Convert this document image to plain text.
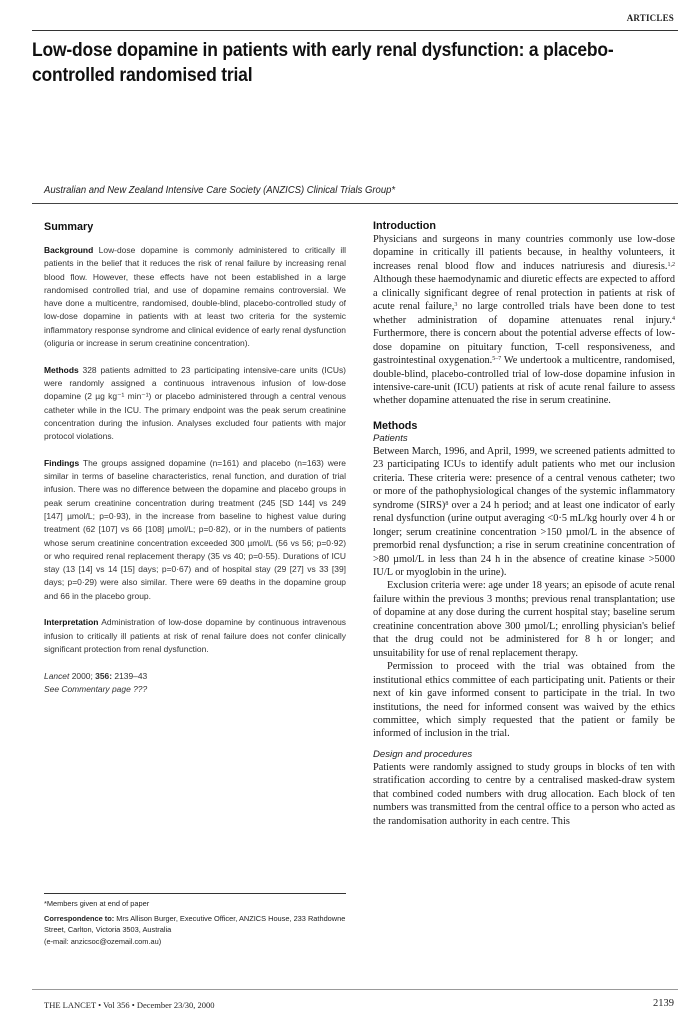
ARTICLES
Low-dose dopamine in patients with early renal dysfunction: a placebo-controlled randomised trial
Australian and New Zealand Intensive Care Society (ANZICS) Clinical Trials Group*
Summary

Background Low-dose dopamine is commonly administered to critically ill patients in the belief that it reduces the risk of renal failure by increasing renal blood flow. However, these effects have not been established in a large randomised controlled trial, and use of dopamine remains controversial. We have done a multicentre, randomised, double-blind, placebo-controlled study of low-dose dopamine in patients with at least two criteria for the systemic inflammatory response syndrome and clinical evidence of early renal dysfunction (oliguria or increase in serum creatinine concentration).

Methods 328 patients admitted to 23 participating intensive-care units (ICUs) were randomly assigned a continuous intravenous infusion of low-dose dopamine (2 µg kg⁻¹ min⁻¹) or placebo administered through a central venous catheter while in the ICU. The primary endpoint was the peak serum creatinine concentration during the infusion. Analyses excluded four patients with major protocol violations.

Findings The groups assigned dopamine (n=161) and placebo (n=163) were similar in terms of baseline characteristics, renal function, and duration of trial infusion. There was no difference between the dopamine and placebo groups in peak serum creatinine concentration during treatment (245 [SD 144] vs 249 [147] µmol/L; p=0·93), in the increase from baseline to highest value during treatment (62 [107] vs 66 [108] µmol/L; p=0·82), or in the numbers of patients whose serum creatinine concentration exceeded 300 µmol/L (56 vs 56; p=0·92) or who required renal replacement therapy (35 vs 40; p=0·55). Durations of ICU stay (13 [14] vs 14 [15] days; p=0·67) and of hospital stay (29 [27] vs 33 [39] days; p=0·29) were also similar. There were 69 deaths in the dopamine group and 66 in the placebo group.

Interpretation Administration of low-dose dopamine by continuous intravenous infusion to critically ill patients at risk of renal failure does not confer clinically significant protection from renal dysfunction.

Lancet 2000; 356: 2139–43
See Commentary page ???
*Members given at end of paper
Correspondence to: Mrs Allison Burger, Executive Officer, ANZICS House, 233 Rathdowne Street, Carlton, Victoria 3503, Australia
(e-mail: anzicsoc@ozemail.com.au)
Introduction

Physicians and surgeons in many countries commonly use low-dose dopamine in critically ill patients because, in healthy volunteers, it increases renal blood flow and induces natriuresis and diuresis.$^{1,2}$ Although these haemodynamic and diuretic effects are expected to afford a clinically significant degree of renal protection in patients at risk of acute renal failure,$^3$ no large controlled trials have been done to test whether administration of dopamine attenuates renal injury.$^4$ Furthermore, there is concern about the potential adverse effects of low-dose dopamine on pituitary function, T-cell responsiveness, and gastrointestinal oxygenation.$^{5-7}$ We undertook a multicentre, randomised, double-blind, placebo-controlled trial of low-dose dopamine infusion in intensive-care-unit (ICU) patients at risk of acute renal failure to assess whether dopamine attenuated the rise in serum creatinine.

Methods
Patients

Between March, 1996, and April, 1999, we screened patients admitted to 23 participating ICUs to identify adult patients who met our inclusion criteria. These criteria were: presence of a central venous catheter; two or more of the pathophysiological changes of the systemic inflammatory syndrome (SIRS)$^8$ over a 24 h period; and at least one indicator of early renal dysfunction (urine output averaging <0·5 mL/kg hourly over 4 h or longer; serum creatinine concentration >150 µmol/L in the absence of premorbid renal dysfunction; a rise in serum creatinine concentration of >80 µmol/L in less than 24 h in the absence of creatine kinase >5000 IU/L or myoglobin in the urine).

Exclusion criteria were: age under 18 years; an episode of acute renal failure within the previous 3 months; previous renal transplantation; use of dopamine at any dose during the current hospital stay; baseline serum creatinine concentration above 300 µmol/L; enrolling physician's belief that the drug could not be administered for 8 h or longer; and unsuitability for use of renal replacement therapy.

Permission to proceed with the trial was obtained from the institutional ethics committee of each participating unit. Patients or their next of kin gave informed consent to participate in the trial. In two institutions, the need for informed consent was waived by the ethics committee, which simply requested that the patient or family be informed of inclusion in the trial.

Design and procedures

Patients were randomly assigned to study groups in blocks of ten with stratification according to centre by a centralised masked-draw system that combined coded numbers with drug allocation. Each block of ten numbers was transmitted from the central office to a person who acted as the randomisation authority in each centre. This

THE LANCET • Vol 356 • December 23/30, 2000	2139
